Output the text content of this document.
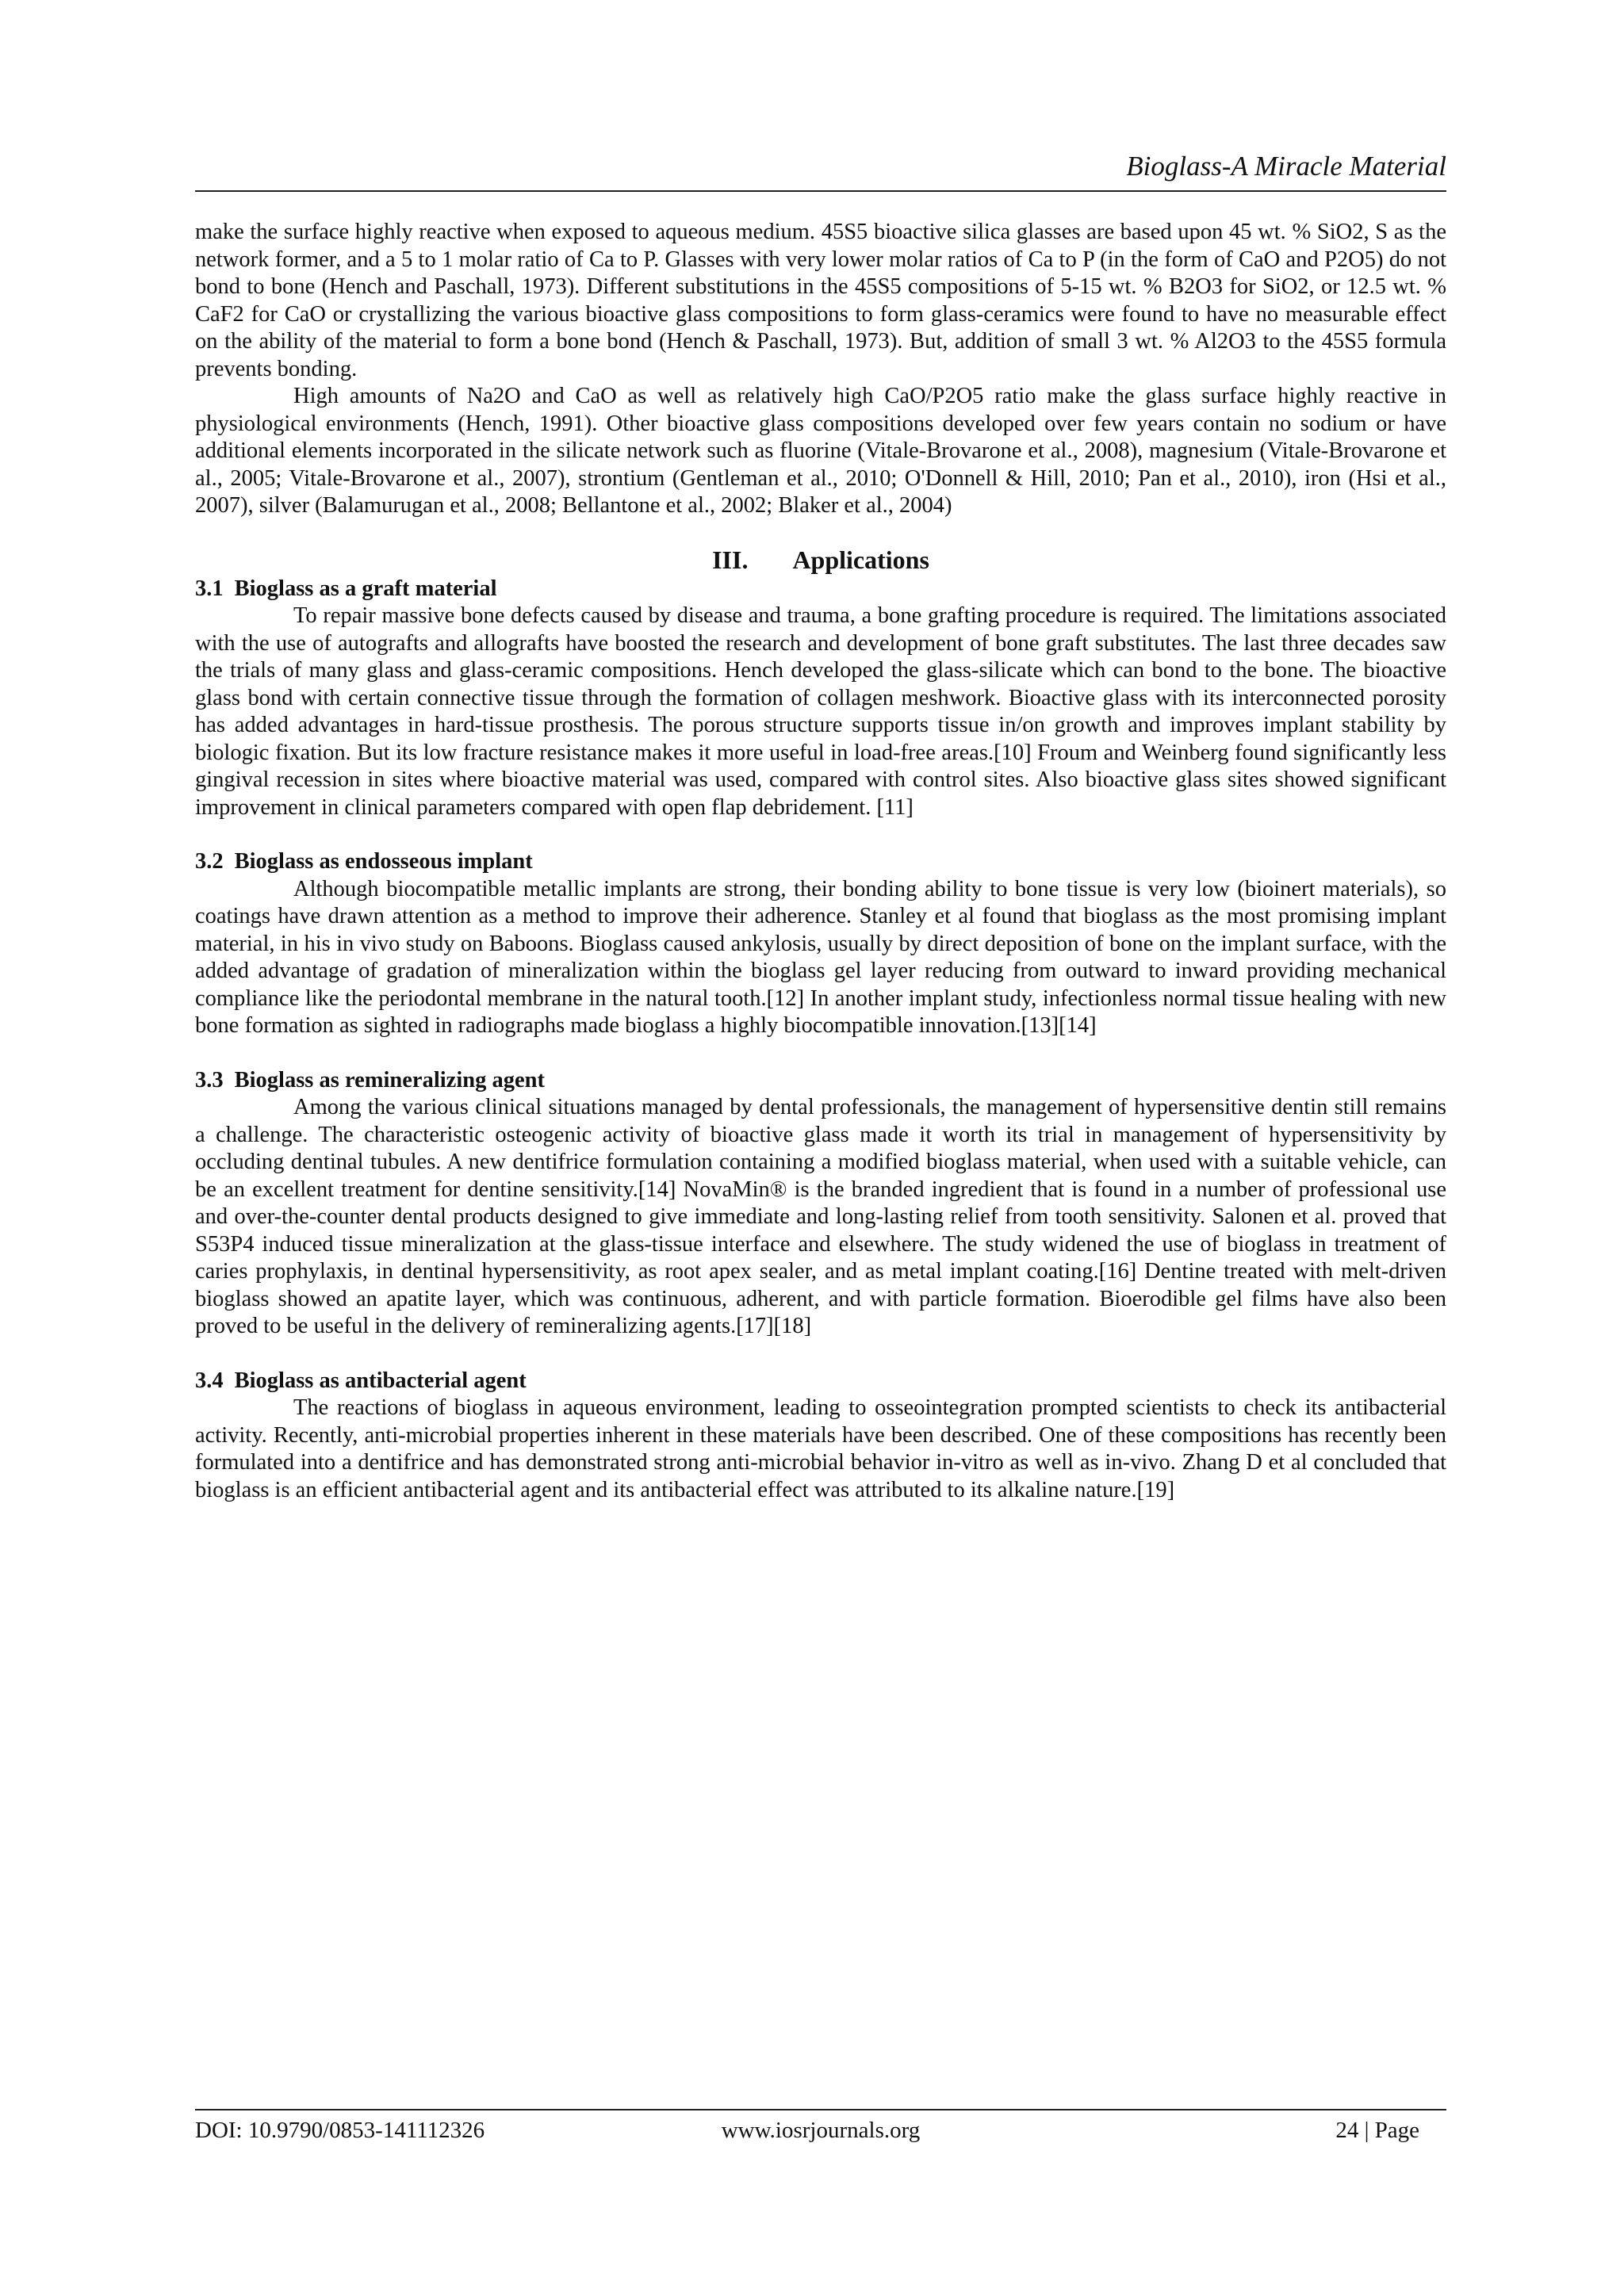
Bioglass-A Miracle Material

make the surface highly reactive when exposed to aqueous medium. 45S5 bioactive silica glasses are based upon 45 wt. % SiO2, S as the network former, and a 5 to 1 molar ratio of Ca to P. Glasses with very lower molar ratios of Ca to P (in the form of CaO and P2O5) do not bond to bone (Hench and Paschall, 1973). Different substitutions in the 45S5 compositions of 5-15 wt. % B2O3 for SiO2, or 12.5 wt. % CaF2 for CaO or crystallizing the various bioactive glass compositions to form glass-ceramics were found to have no measurable effect on the ability of the material to form a bone bond (Hench & Paschall, 1973). But, addition of small 3 wt. % Al2O3 to the 45S5 formula prevents bonding.

High amounts of Na2O and CaO as well as relatively high CaO/P2O5 ratio make the glass surface highly reactive in physiological environments (Hench, 1991). Other bioactive glass compositions developed over few years contain no sodium or have additional elements incorporated in the silicate network such as fluorine (Vitale-Brovarone et al., 2008), magnesium (Vitale-Brovarone et al., 2005; Vitale-Brovarone et al., 2007), strontium (Gentleman et al., 2010; O'Donnell & Hill, 2010; Pan et al., 2010), iron (Hsi et al., 2007), silver (Balamurugan et al., 2008; Bellantone et al., 2002; Blaker et al., 2004)

III. Applications
3.1 Bioglass as a graft material

To repair massive bone defects caused by disease and trauma, a bone grafting procedure is required. The limitations associated with the use of autografts and allografts have boosted the research and development of bone graft substitutes. The last three decades saw the trials of many glass and glass-ceramic compositions. Hench developed the glass-silicate which can bond to the bone. The bioactive glass bond with certain connective tissue through the formation of collagen meshwork. Bioactive glass with its interconnected porosity has added advantages in hard-tissue prosthesis. The porous structure supports tissue in/on growth and improves implant stability by biologic fixation. But its low fracture resistance makes it more useful in load-free areas.[10] Froum and Weinberg found significantly less gingival recession in sites where bioactive material was used, compared with control sites. Also bioactive glass sites showed significant improvement in clinical parameters compared with open flap debridement. [11]

3.2 Bioglass as endosseous implant

Although biocompatible metallic implants are strong, their bonding ability to bone tissue is very low (bioinert materials), so coatings have drawn attention as a method to improve their adherence. Stanley et al found that bioglass as the most promising implant material, in his in vivo study on Baboons. Bioglass caused ankylosis, usually by direct deposition of bone on the implant surface, with the added advantage of gradation of mineralization within the bioglass gel layer reducing from outward to inward providing mechanical compliance like the periodontal membrane in the natural tooth.[12] In another implant study, infectionless normal tissue healing with new bone formation as sighted in radiographs made bioglass a highly biocompatible innovation.[13][14]

3.3 Bioglass as remineralizing agent

Among the various clinical situations managed by dental professionals, the management of hypersensitive dentin still remains a challenge. The characteristic osteogenic activity of bioactive glass made it worth its trial in management of hypersensitivity by occluding dentinal tubules. A new dentifrice formulation containing a modified bioglass material, when used with a suitable vehicle, can be an excellent treatment for dentine sensitivity.[14] NovaMin® is the branded ingredient that is found in a number of professional use and over-the-counter dental products designed to give immediate and long-lasting relief from tooth sensitivity. Salonen et al. proved that S53P4 induced tissue mineralization at the glass-tissue interface and elsewhere. The study widened the use of bioglass in treatment of caries prophylaxis, in dentinal hypersensitivity, as root apex sealer, and as metal implant coating.[16] Dentine treated with melt-driven bioglass showed an apatite layer, which was continuous, adherent, and with particle formation. Bioerodible gel films have also been proved to be useful in the delivery of remineralizing agents.[17][18]

3.4 Bioglass as antibacterial agent

The reactions of bioglass in aqueous environment, leading to osseointegration prompted scientists to check its antibacterial activity. Recently, anti-microbial properties inherent in these materials have been described. One of these compositions has recently been formulated into a dentifrice and has demonstrated strong anti-microbial behavior in-vitro as well as in-vivo. Zhang D et al concluded that bioglass is an efficient antibacterial agent and its antibacterial effect was attributed to its alkaline nature.[19]

DOI: 10.9790/0853-141112326	www.iosrjournals.org	24 | Page
